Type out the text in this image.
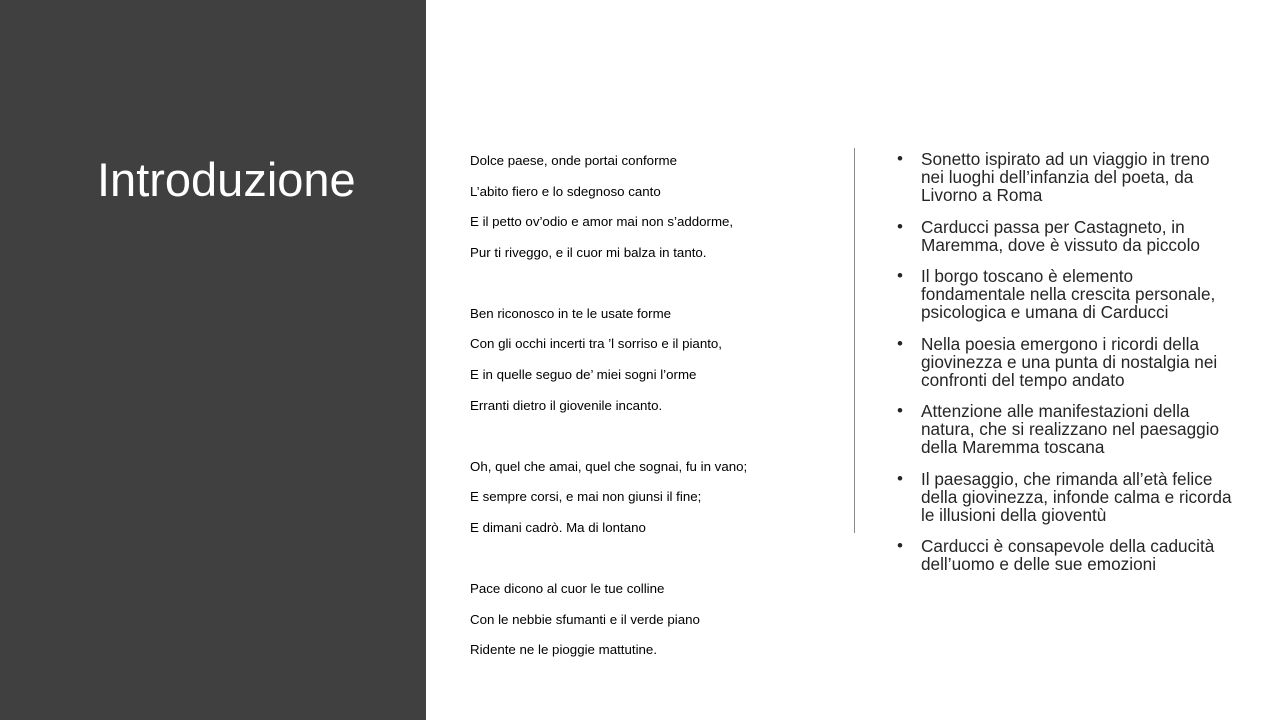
Introduzione	Dolce paese, onde portai conforme
L’abito fiero e lo sdegnoso canto
E il petto ov’odio e amor mai non s’addorme,
Pur ti riveggo, e il cuor mi balza in tanto.
Ben riconosco in te le usate forme
Con gli occhi incerti tra ’l sorriso e il pianto,
E in quelle seguo de’ miei sogni l’orme
Erranti dietro il giovenile incanto.
Oh, quel che amai, quel che sognai, fu in vano;
E sempre corsi, e mai non giunsi il fine;
E dimani cadrò. Ma di lontano
Pace dicono al cuor le tue colline
Con le nebbie sfumanti e il verde piano
Ridente ne le pioggie mattutine.
• Sonetto ispirato ad un viaggio in treno
nei luoghi dell’infanzia del poeta, da
Livorno a Roma
• Carducci passa per Castagneto, in
Maremma, dove è vissuto da piccolo
• Il borgo toscano è elemento
fondamentale nella crescita personale,
psicologica e umana di Carducci
• Nella poesia emergono i ricordi della
giovinezza e una punta di nostalgia nei
confronti del tempo andato
• Attenzione alle manifestazioni della
natura, che si realizzano nel paesaggio
della Maremma toscana
• Il paesaggio, che rimanda all’età felice
della giovinezza, infonde calma e ricorda
le illusioni della gioventù
• Carducci è consapevole della caducità
dell’uomo e delle sue emozioni
